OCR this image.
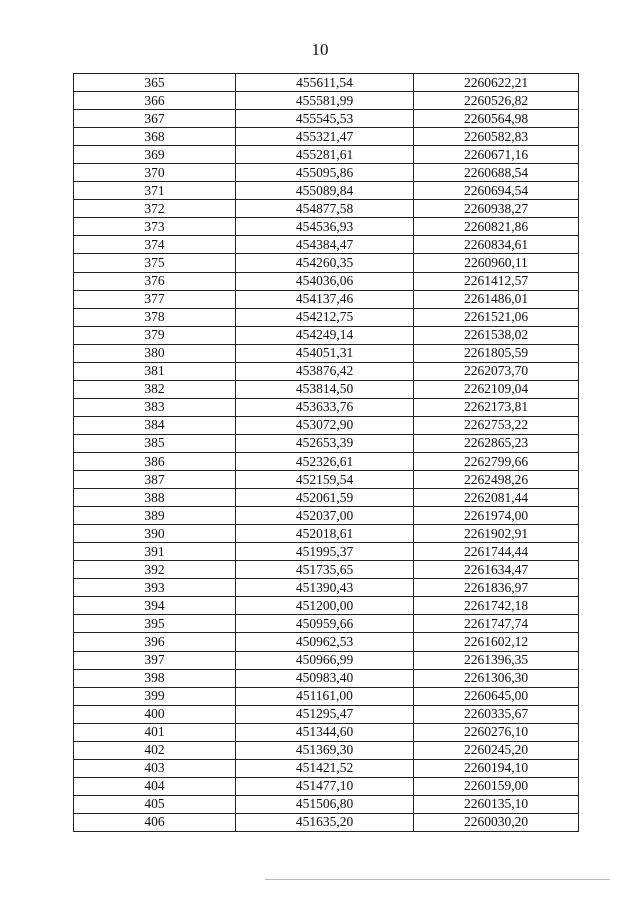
10
365	455611,54	2260622,21
366	455581,99	2260526,82
367	455545,53	2260564,98
368	455321,47	2260582,83
369	455281,61	2260671,16
370	455095,86	2260688,54
371	455089,84	2260694,54
372	454877,58	2260938,27
373	454536,93	2260821,86
374	454384,47	2260834,61
375	454260,35	2260960,11
376	454036,06	2261412,57
377	454137,46	2261486,01
378	454212,75	2261521,06
379	454249,14	2261538,02
380	454051,31	2261805,59
381	453876,42	2262073,70
382	453814,50	2262109,04
383	453633,76	2262173,81
384	453072,90	2262753,22
385	452653,39	2262865,23
386	452326,61	2262799,66
387	452159,54	2262498,26
388	452061,59	2262081,44
389	452037,00	2261974,00
390	452018,61	2261902,91
391	451995,37	2261744,44
392	451735,65	2261634,47
393	451390,43	2261836,97
394	451200,00	2261742,18
395	450959,66	2261747,74
396	450962,53	2261602,12
397	450966,99	2261396,35
398	450983,40	2261306,30
399	451161,00	2260645,00
400	451295,47	2260335,67
401	451344,60	2260276,10
402	451369,30	2260245,20
403	451421,52	2260194,10
404	451477,10	2260159,00
405	451506,80	2260135,10
406	451635,20	2260030,20
